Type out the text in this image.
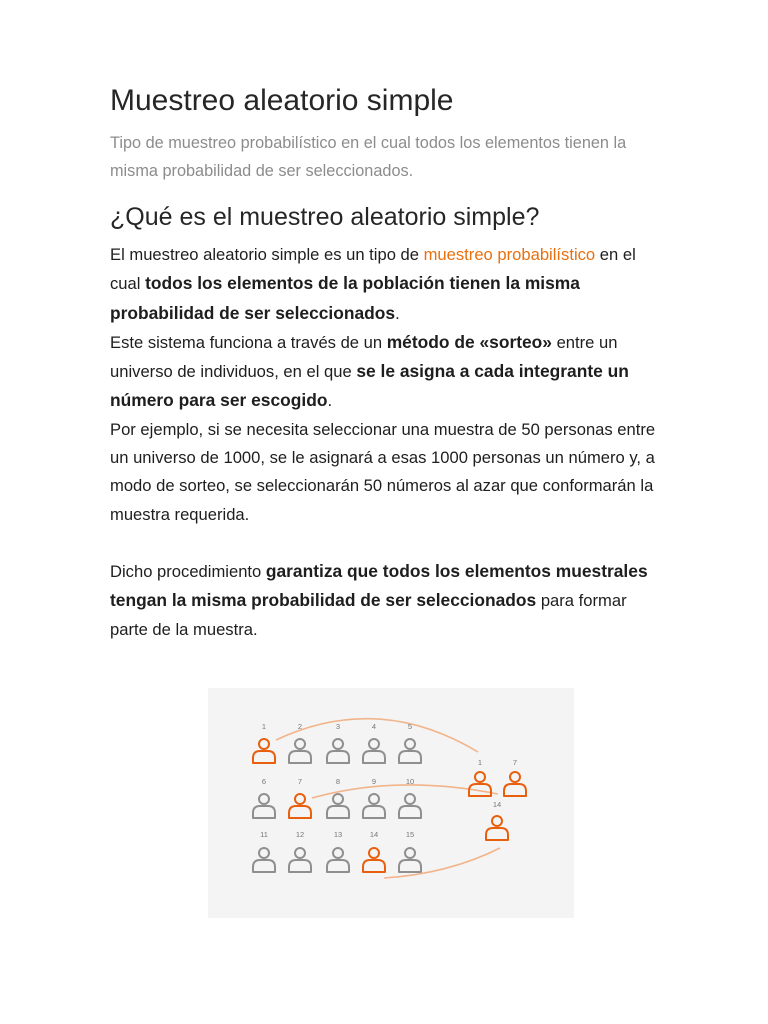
Muestreo aleatorio simple

Tipo de muestreo probabilístico en el cual todos los elementos tienen la misma probabilidad de ser seleccionados.

¿Qué es el muestreo aleatorio simple?

El muestreo aleatorio simple es un tipo de muestreo probabilístico en el cual todos los elementos de la población tienen la misma probabilidad de ser seleccionados.

Este sistema funciona a través de un método de «sorteo» entre un universo de individuos, en el que se le asigna a cada integrante un número para ser escogido.

Por ejemplo, si se necesita seleccionar una muestra de 50 personas entre un universo de 1000, se le asignará a esas 1000 personas un número y, a modo de sorteo, se seleccionarán 50 números al azar que conformarán la muestra requerida.

Dicho procedimiento garantiza que todos los elementos muestrales tengan la misma probabilidad de ser seleccionados para formar parte de la muestra.

1	2	3	4	5
6	7	8	9	10
11	12	13	14	15
1	7
14
